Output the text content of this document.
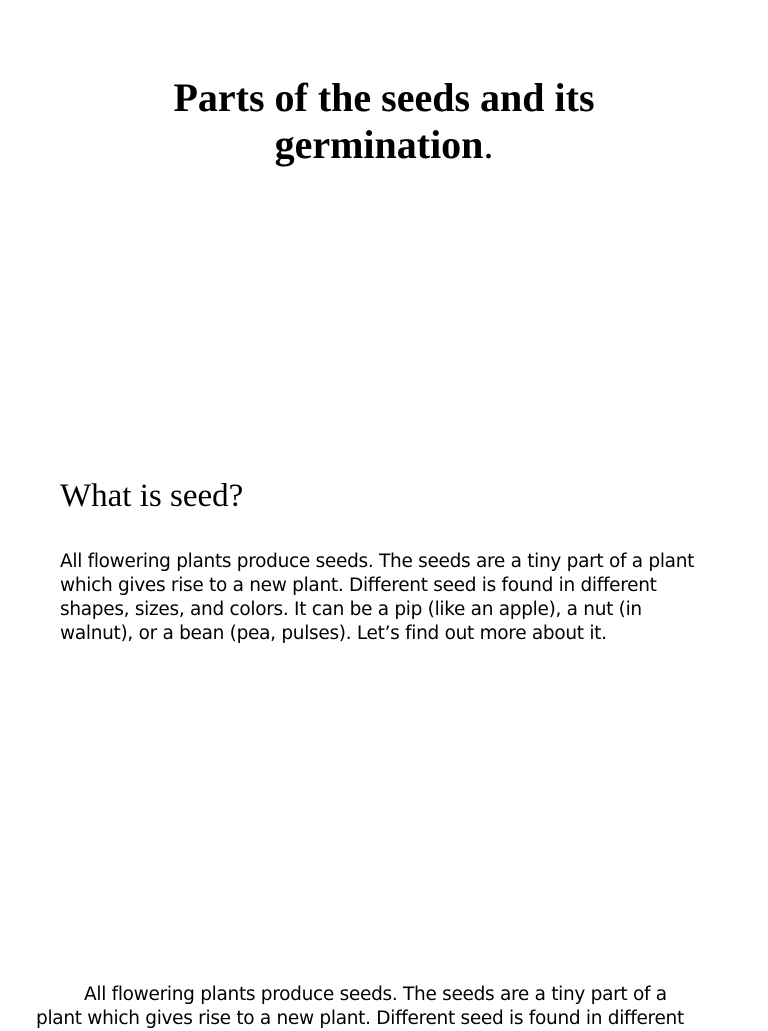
Parts of the seeds and its
germination.
What is seed?

All flowering plants produce seeds. The seeds are a tiny part of a plant which gives rise to a new plant. Different seed is found in different shapes, sizes, and colors. It can be a pip (like an apple), a nut (in walnut), or a bean (pea, pulses). Let’s find out more about it.

All flowering plants produce seeds. The seeds are a tiny part of a
plant which gives rise to a new plant. Different seed is found in different
